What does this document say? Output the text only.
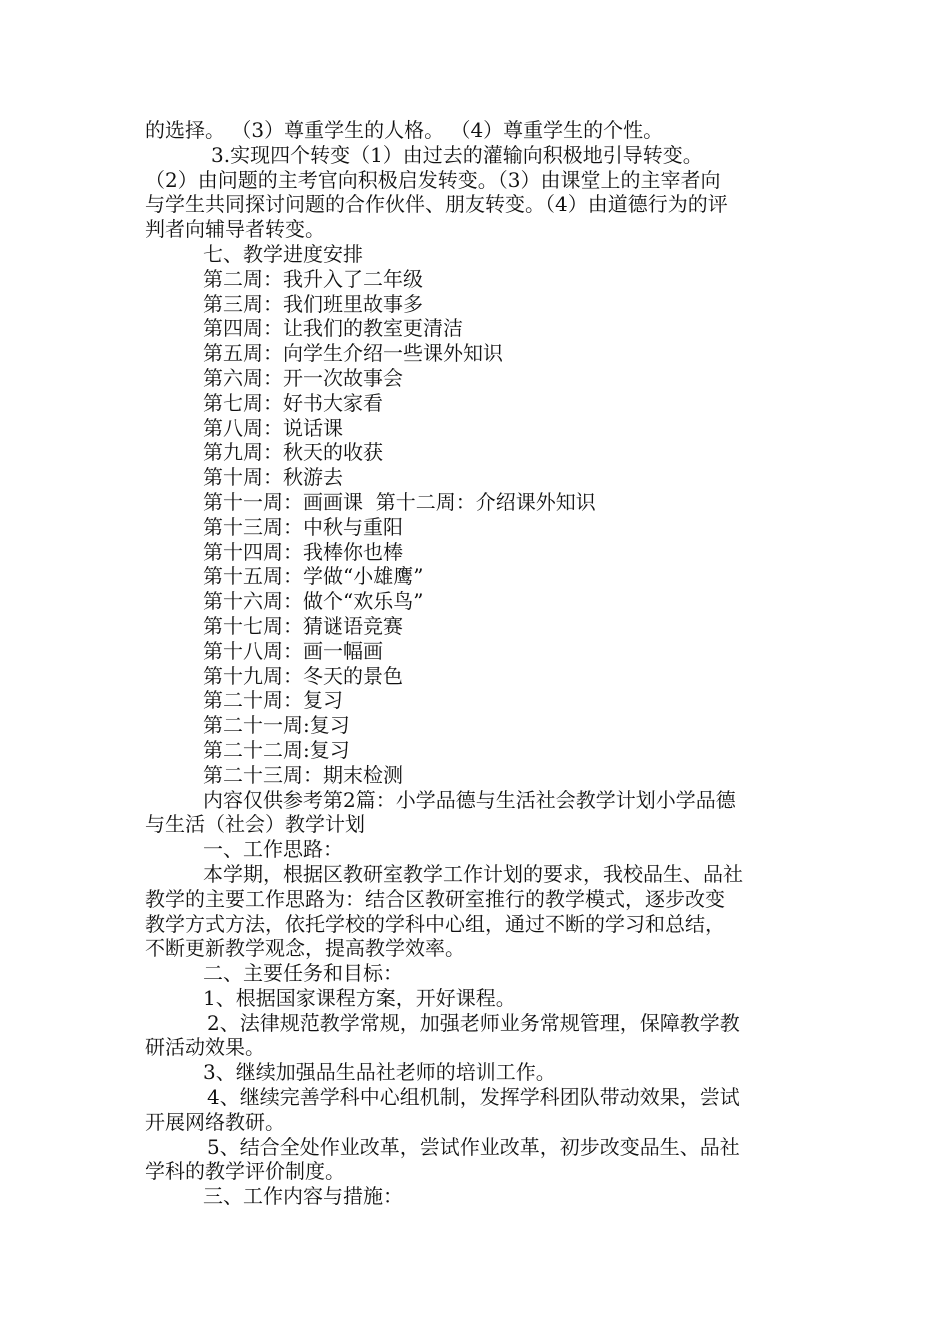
的选择。 （3）尊重学生的人格。 （4）尊重学生的个性。
3.实现四个转变（1）由过去的灌输向积极地引导转变。
（2）由问题的主考官向积极启发转变。（3）由课堂上的主宰者向
与学生共同探讨问题的合作伙伴、朋友转变。（4）由道德行为的评
判者向辅导者转变。
七、教学进度安排
第二周：我升入了二年级
第三周：我们班里故事多
第四周：让我们的教室更清洁
第五周：向学生介绍一些课外知识
第六周：开一次故事会
第七周：好书大家看
第八周：说话课
第九周：秋天的收获
第十周：秋游去
第十一周：画画课  第十二周：介绍课外知识
第十三周：中秋与重阳
第十四周：我棒你也棒
第十五周：学做“小雄鹰”
第十六周：做个“欢乐鸟”
第十七周：猜谜语竞赛
第十八周：画一幅画
第十九周：冬天的景色
第二十周：复习
第二十一周:复习
第二十二周:复习
第二十三周：期末检测
内容仅供参考第2篇：小学品德与生活社会教学计划小学品德
与生活（社会）教学计划
一、工作思路：
本学期，根据区教研室教学工作计划的要求，我校品生、品社
教学的主要工作思路为：结合区教研室推行的教学模式，逐步改变
教学方式方法，依托学校的学科中心组，通过不断的学习和总结，
不断更新教学观念，提高教学效率。
二、主要任务和目标：
1、根据国家课程方案，开好课程。
2、法律规范教学常规，加强老师业务常规管理，保障教学教
研活动效果。
3、继续加强品生品社老师的培训工作。
4、继续完善学科中心组机制，发挥学科团队带动效果，尝试
开展网络教研。
5、结合全处作业改革，尝试作业改革，初步改变品生、品社
学科的教学评价制度。
三、工作内容与措施：
